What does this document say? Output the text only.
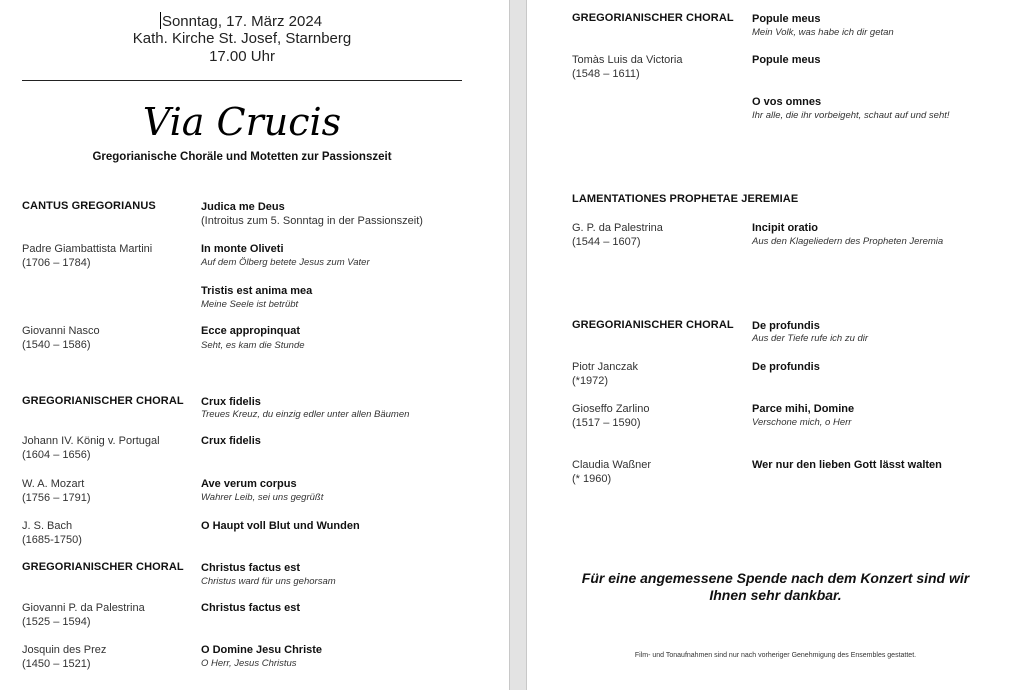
Sonntag, 17. März 2024
Kath. Kirche St. Josef, Starnberg
17.00 Uhr
Via Crucis
Gregorianische Choräle und Motetten zur Passionszeit
CANTUS GREGORIANUS	Judica me Deus
(Introitus zum 5. Sonntag in der Passionszeit)
Padre Giambattista Martini
(1706 – 1784)
In monte Oliveti
Auf dem Ölberg betete Jesus zum Vater
Tristis est anima mea
Meine Seele ist betrübt
Giovanni Nasco
(1540 – 1586)
Ecce appropinquat
Seht, es kam die Stunde
GREGORIANISCHER CHORAL Crux fidelis
Treues Kreuz, du einzig edler unter allen Bäumen
Johann IV. König v. Portugal
(1604 – 1656)
Crux fidelis
W. A. Mozart
(1756 – 1791)
Ave verum corpus
Wahrer Leib, sei uns gegrüßt
J. S. Bach
(1685-1750)
O Haupt voll Blut und Wunden
GREGORIANISCHER CHORAL Christus factus est
Christus ward für uns gehorsam
Giovanni P. da Palestrina
(1525 – 1594)
Christus factus est
Josquin des Prez
(1450 – 1521)
O Domine Jesu Christe
O Herr, Jesus Christus
GREGORIANISCHER CHORAL Popule meus
Mein Volk, was habe ich dir getan
Tomàs Luis da Victoria
(1548 – 1611)
Popule meus
O vos omnes
Ihr alle, die ihr vorbeigeht, schaut auf und seht!
LAMENTATIONES PROPHETAE JEREMIAE
G. P. da Palestrina
(1544 – 1607)
Incipit oratio
Aus den Klageliedern des Propheten Jeremia
GREGORIANISCHER CHORAL De profundis
Aus der Tiefe rufe ich zu dir
Piotr Janczak
(*1972)
De profundis
Gioseffo Zarlino
(1517 – 1590)
Parce mihi, Domine
Verschone mich, o Herr
Claudia Waßner
(* 1960)
Wer nur den lieben Gott lässt walten
Für eine angemessene Spende nach dem Konzert sind wir
Ihnen sehr dankbar.
Film- und Tonaufnahmen sind nur nach vorheriger Genehmigung des Ensembles gestattet.
